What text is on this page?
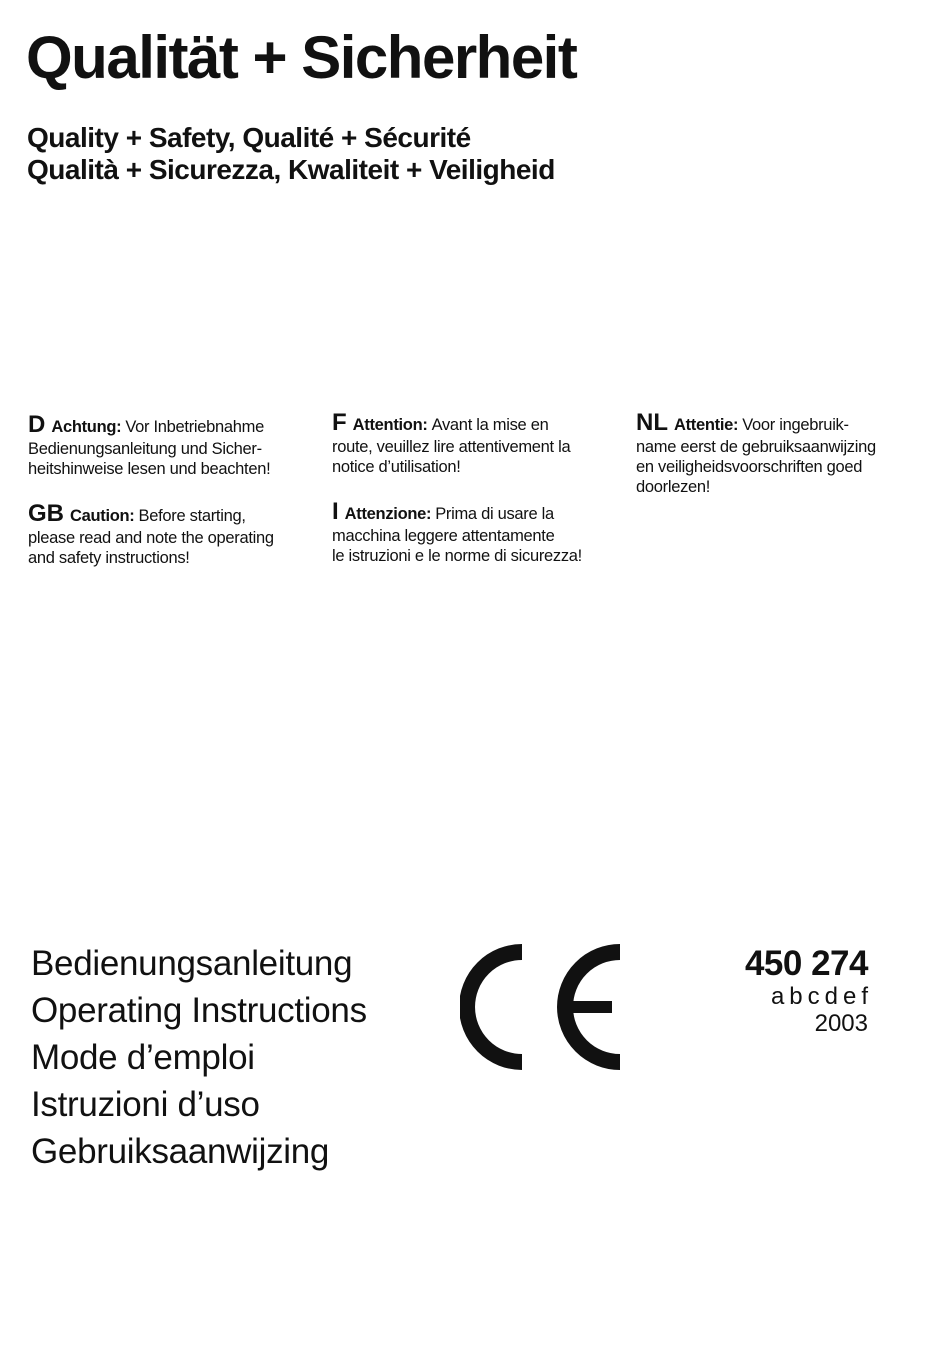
Qualität + Sicherheit

Quality + Safety, Qualité + Sécurité

Qualità + Sicurezza, Kwaliteit + Veiligheid

D Achtung: Vor Inbetriebnahme
Bedienungsanleitung und Sicher-
heitshinweise lesen und beachten!
GB Caution: Before starting,
please read and note the operating
and safety instructions!
F Attention: Avant la mise en
route, veuillez lire attentivement la
notice d’utilisation!
I Attenzione: Prima di usare la
macchina leggere attentamente
le istruzioni e le norme di sicurezza!
NL Attentie: Voor ingebruik-
name eerst de gebruiksaanwijzing
en veiligheidsvoorschriften goed
doorlezen!
Bedienungsanleitung
Operating Instructions
Mode d’emploi
Istruzioni d’uso
Gebruiksaanwijzing
450 274
abcdef
2003
